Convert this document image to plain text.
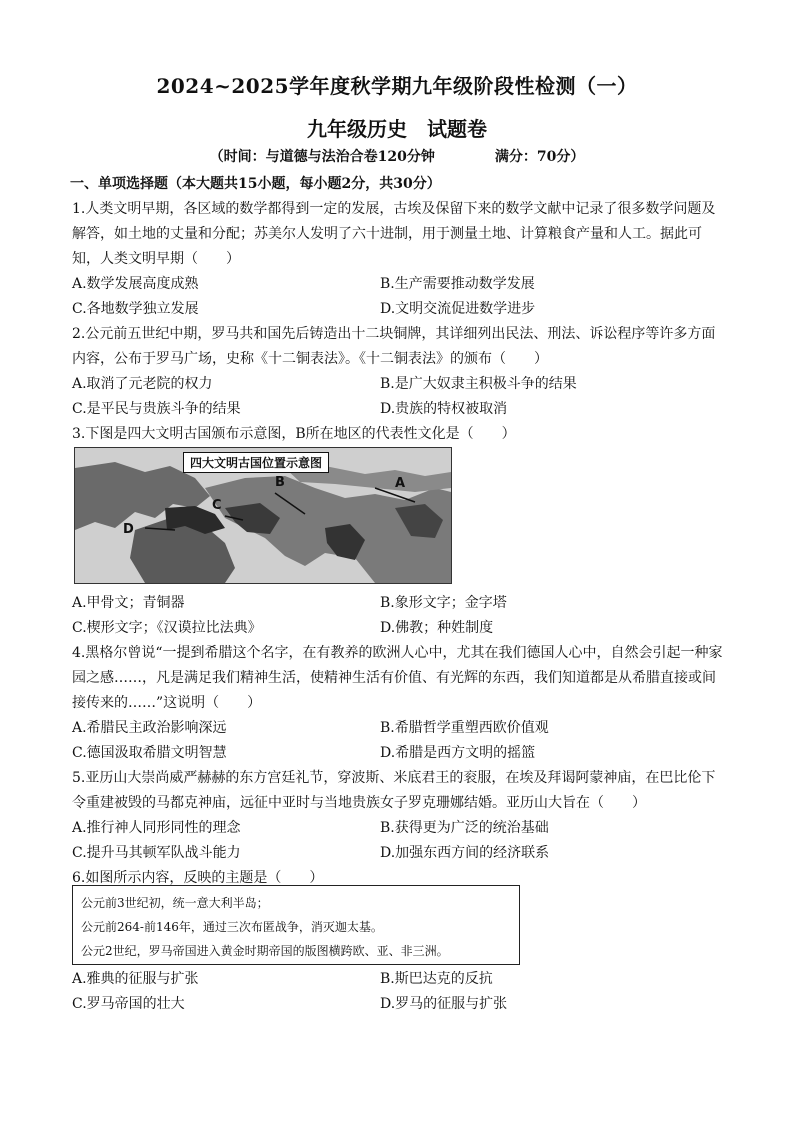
2024~2025学年度秋学期九年级阶段性检测（一）
九年级历史　试题卷
（时间：与道德与法治合卷120分钟	满分：70分）
一、单项选择题（本大题共15小题，每小题2分，共30分）
1.人类文明早期，各区域的数学都得到一定的发展，古埃及保留下来的数学文献中记录了很多数学问题及
解答，如土地的丈量和分配；苏美尔人发明了六十进制，用于测量土地、计算粮食产量和人工。据此可
知，人类文明早期（　　）
A.数学发展高度成熟	B.生产需要推动数学发展
C.各地数学独立发展	D.文明交流促进数学进步
2.公元前五世纪中期，罗马共和国先后铸造出十二块铜牌，其详细列出民法、刑法、诉讼程序等许多方面
内容，公布于罗马广场，史称《十二铜表法》。《十二铜表法》的颁布（　　）
A.取消了元老院的权力	B.是广大奴隶主积极斗争的结果
C.是平民与贵族斗争的结果	D.贵族的特权被取消
3.下图是四大文明古国颁布示意图，B所在地区的代表性文化是（　　）
四大文明古国位置示意图
A
B
C
D
A.甲骨文；青铜器	B.象形文字；金字塔
C.楔形文字；《汉谟拉比法典》	D.佛教；种姓制度
4.黑格尔曾说“一提到希腊这个名字，在有教养的欧洲人心中，尤其在我们德国人心中，自然会引起一种家
园之感……，凡是满足我们精神生活，使精神生活有价值、有光辉的东西，我们知道都是从希腊直接或间
接传来的……”这说明（　　）
A.希腊民主政治影响深远	B.希腊哲学重塑西欧价值观
C.德国汲取希腊文明智慧	D.希腊是西方文明的摇篮
5.亚历山大崇尚威严赫赫的东方宫廷礼节，穿波斯、米底君王的衮服，在埃及拜谒阿蒙神庙，在巴比伦下
令重建被毁的马都克神庙，远征中亚时与当地贵族女子罗克珊娜结婚。亚历山大旨在（　　）
A.推行神人同形同性的理念	B.获得更为广泛的统治基础
C.提升马其顿军队战斗能力	D.加强东西方间的经济联系
6.如图所示内容，反映的主题是（　　）
公元前3世纪初，统一意大利半岛；
公元前264-前146年，通过三次布匿战争，消灭迦太基。
公元2世纪，罗马帝国进入黄金时期帝国的版图横跨欧、亚、非三洲。
A.雅典的征服与扩张	B.斯巴达克的反抗
C.罗马帝国的壮大	D.罗马的征服与扩张
